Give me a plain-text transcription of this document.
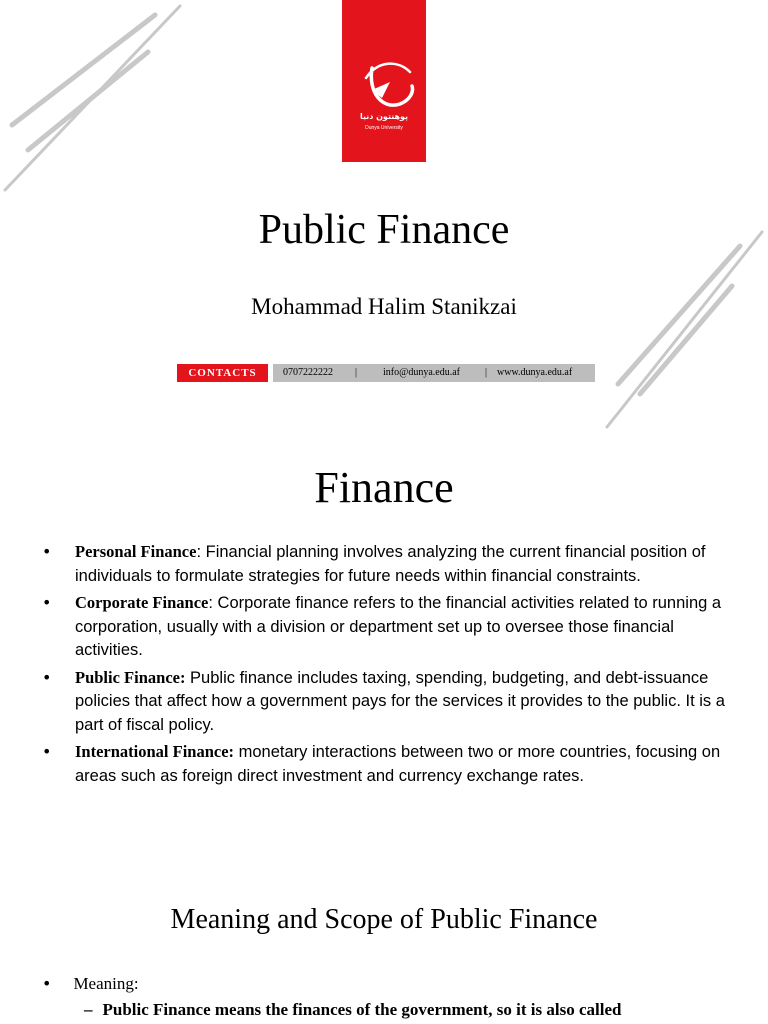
پوهنتون دنیا
Dunya University
Public Finance
Mohammad Halim Stanikzai
CONTACTS	0707222222 |	info@dunya.edu.af	| www.dunya.edu.af
Finance
• Personal Finance: Financial planning involves analyzing the current financial position of individuals to formulate strategies for future needs within financial constraints.
• Corporate Finance: Corporate finance refers to the financial activities related to running a corporation, usually with a division or department set up to oversee those financial activities.
• Public Finance: Public finance includes taxing, spending, budgeting, and debt-issuance policies that affect how a government pays for the services it provides to the public. It is a part of fiscal policy.
• International Finance: monetary interactions between two or more countries, focusing on areas such as foreign direct investment and currency exchange rates.
Meaning and Scope of Public Finance
• Meaning:
– Public Finance means the finances of the government, so it is also called
